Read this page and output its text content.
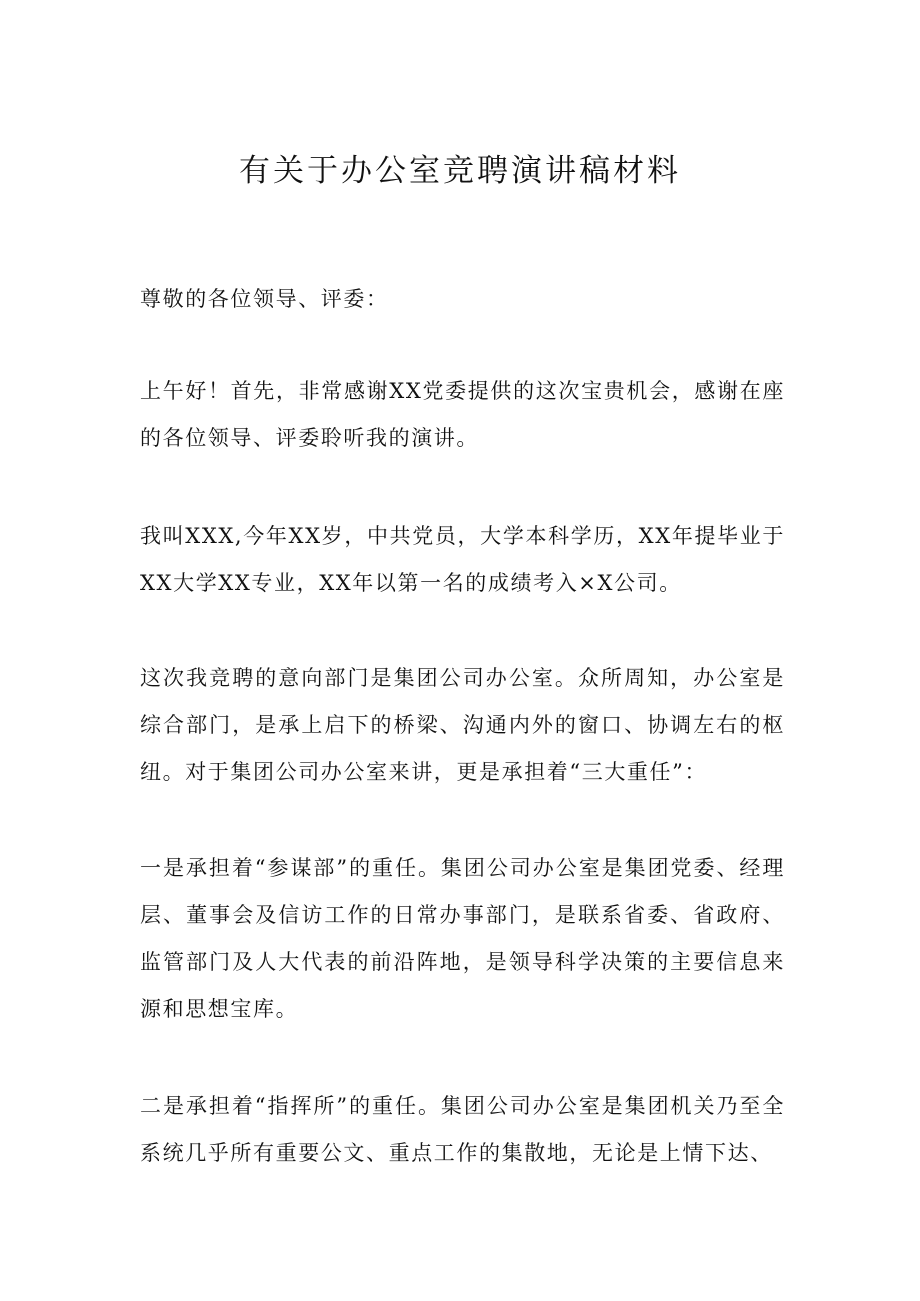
有关于办公室竞聘演讲稿材料

尊敬的各位领导、评委：

上午好！首先，非常感谢XX党委提供的这次宝贵机会，感谢在座的各位领导、评委聆听我的演讲。

我叫XXX,今年XX岁，中共党员，大学本科学历，XX年提毕业于XX大学XX专业，XX年以第一名的成绩考入×X公司。

这次我竞聘的意向部门是集团公司办公室。众所周知，办公室是综合部门，是承上启下的桥梁、沟通内外的窗口、协调左右的枢纽。对于集团公司办公室来讲，更是承担着“三大重任”：

一是承担着“参谋部”的重任。集团公司办公室是集团党委、经理层、董事会及信访工作的日常办事部门，是联系省委、省政府、监管部门及人大代表的前沿阵地，是领导科学决策的主要信息来源和思想宝库。

二是承担着“指挥所”的重任。集团公司办公室是集团机关乃至全系统几乎所有重要公文、重点工作的集散地，无论是上情下达、
